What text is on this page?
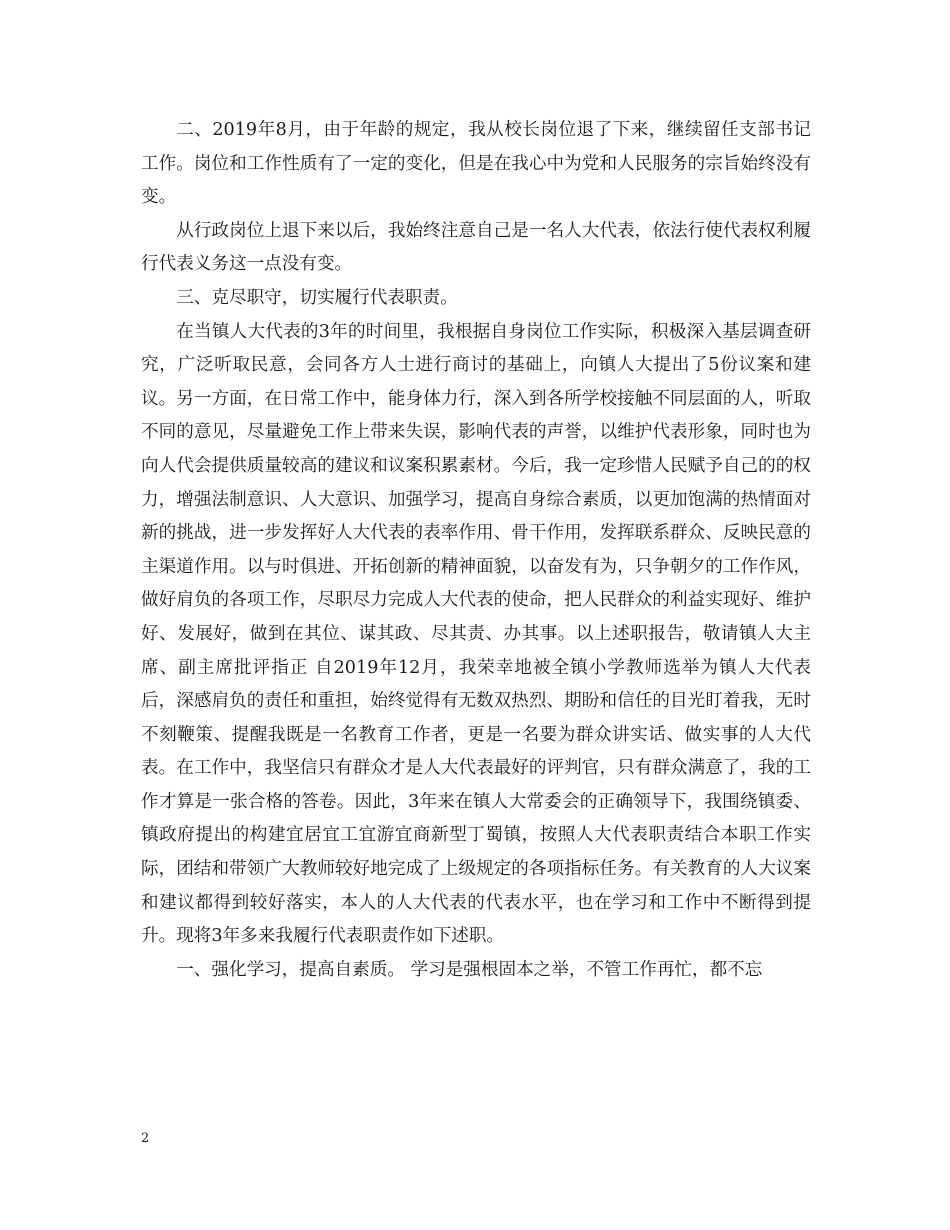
二、2019年8月，由于年龄的规定，我从校长岗位退了下来，继续留任支部书记工作。岗位和工作性质有了一定的变化，但是在我心中为党和人民服务的宗旨始终没有变。

从行政岗位上退下来以后，我始终注意自己是一名人大代表，依法行使代表权利履行代表义务这一点没有变。

三、克尽职守，切实履行代表职责。

在当镇人大代表的3年的时间里，我根据自身岗位工作实际，积极深入基层调查研究，广泛听取民意，会同各方人士进行商讨的基础上，向镇人大提出了5份议案和建议。另一方面，在日常工作中，能身体力行，深入到各所学校接触不同层面的人，听取不同的意见，尽量避免工作上带来失误，影响代表的声誉，以维护代表形象，同时也为向人代会提供质量较高的建议和议案积累素材。今后，我一定珍惜人民赋予自己的的权力，增强法制意识、人大意识、加强学习，提高自身综合素质，以更加饱满的热情面对新的挑战，进一步发挥好人大代表的表率作用、骨干作用，发挥联系群众、反映民意的主渠道作用。以与时俱进、开拓创新的精神面貌，以奋发有为，只争朝夕的工作作风，做好肩负的各项工作，尽职尽力完成人大代表的使命，把人民群众的利益实现好、维护好、发展好，做到在其位、谋其政、尽其责、办其事。以上述职报告，敬请镇人大主席、副主席批评指正 自2019年12月，我荣幸地被全镇小学教师选举为镇人大代表后，深感肩负的责任和重担，始终觉得有无数双热烈、期盼和信任的目光盯着我，无时不刻鞭策、提醒我既是一名教育工作者，更是一名要为群众讲实话、做实事的人大代表。在工作中，我坚信只有群众才是人大代表最好的评判官，只有群众满意了，我的工作才算是一张合格的答卷。因此，3年来在镇人大常委会的正确领导下，我围绕镇委、镇政府提出的构建宜居宜工宜游宜商新型丁蜀镇，按照人大代表职责结合本职工作实际，团结和带领广大教师较好地完成了上级规定的各项指标任务。有关教育的人大议案和建议都得到较好落实，本人的人大代表的代表水平，也在学习和工作中不断得到提升。现将3年多来我履行代表职责作如下述职。

一、强化学习，提高自素质。 学习是强根固本之举，不管工作再忙，都不忘

2
